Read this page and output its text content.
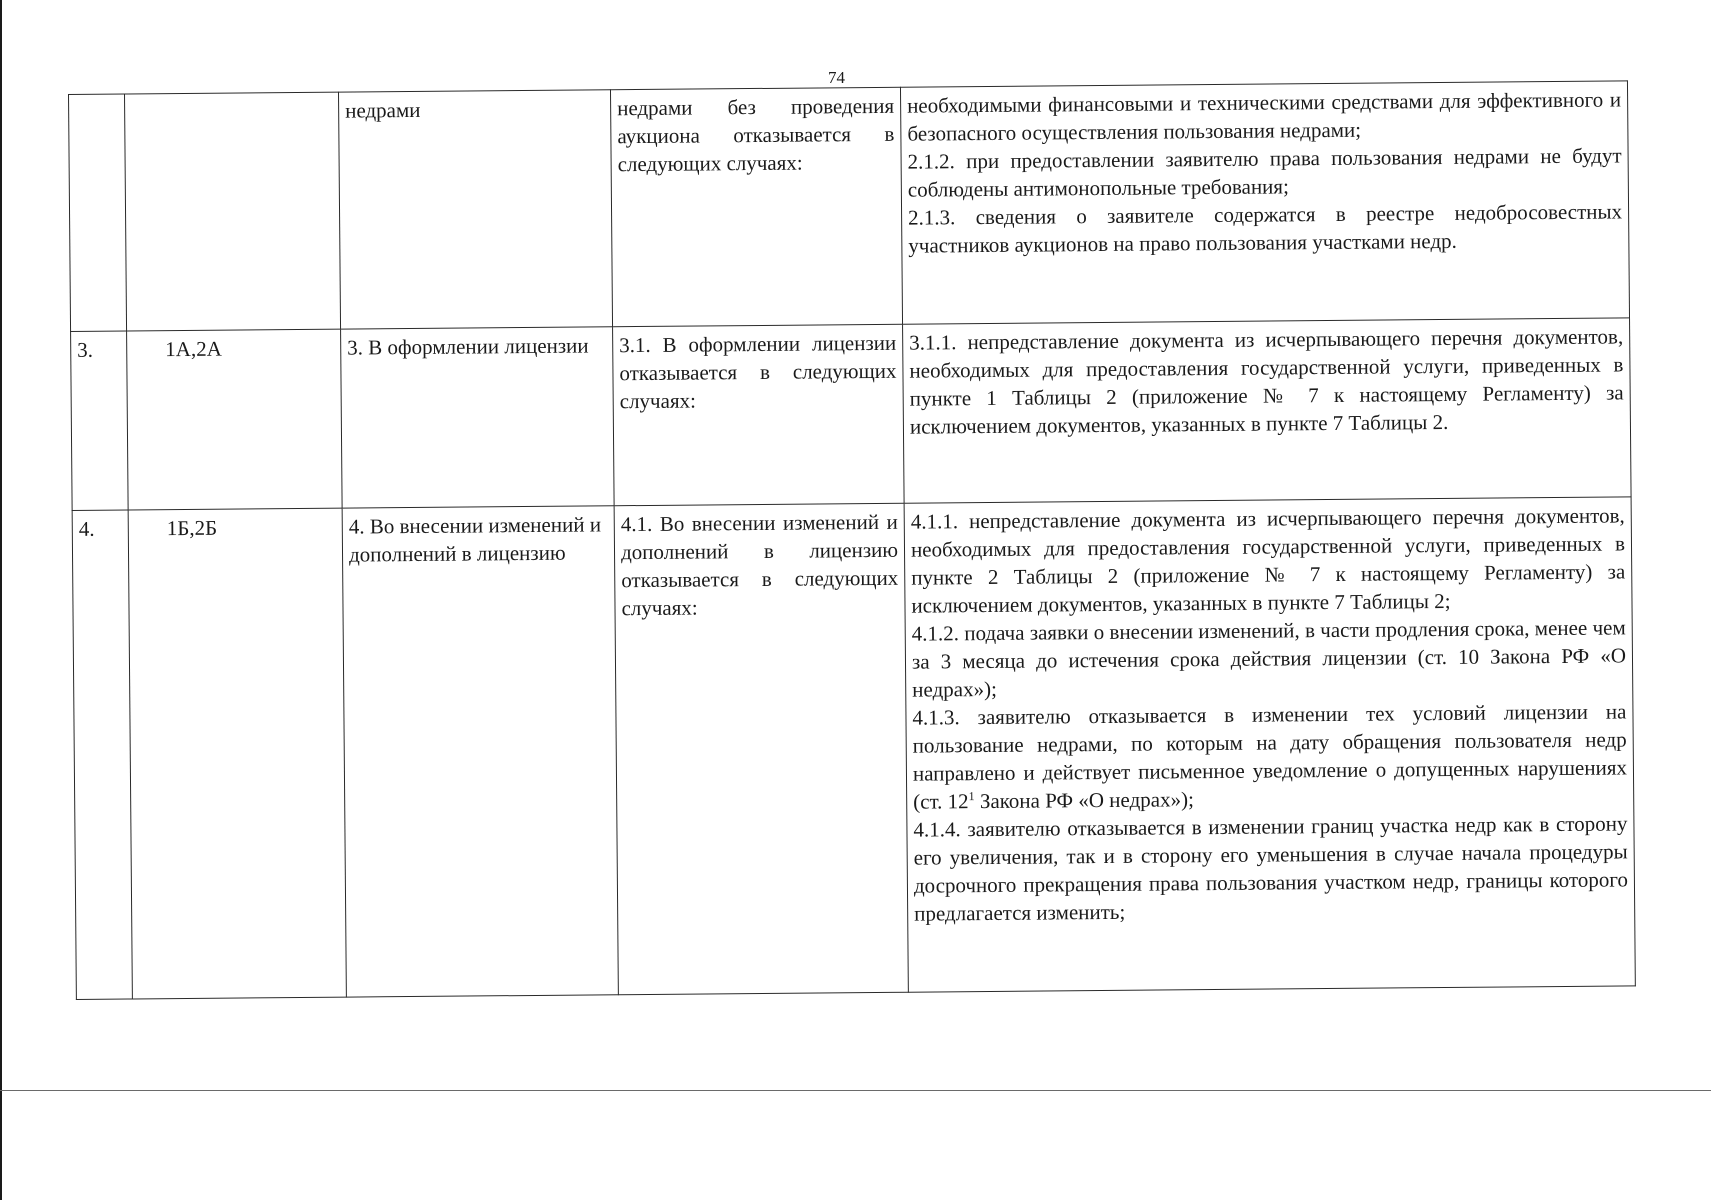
74
		недрами	недрами без проведения аукциона отказывается в следующих случаях:	необходимыми финансовыми и техническими средствами для эффективного и безопасного осуществления пользования недрами;
2.1.2. при предоставлении заявителю права пользования недрами не будут соблюдены антимонопольные требования;
2.1.3. сведения о заявителе содержатся в реестре недобросовестных участников аукционов на право пользования участками недр.

3.	1А,2А	3. В оформлении лицензии	3.1. В оформлении лицензии отказывается в следующих случаях:	3.1.1. непредставление документа из исчерпывающего перечня документов, необходимых для предоставления государственной услуги, приведенных в пункте 1 Таблицы 2 (приложение № 7 к настоящему Регламенту) за исключением документов, указанных в пункте 7 Таблицы 2.

4.	1Б,2Б	4. Во внесении изменений и дополнений в лицензию	4.1. Во внесении изменений и дополнений в лицензию отказывается в следующих случаях:	4.1.1. непредставление документа из исчерпывающего перечня документов, необходимых для предоставления государственной услуги, приведенных в пункте 2 Таблицы 2 (приложение № 7 к настоящему Регламенту) за исключением документов, указанных в пункте 7 Таблицы 2;
4.1.2. подача заявки о внесении изменений, в части продления срока, менее чем за 3 месяца до истечения срока действия лицензии (ст. 10 Закона РФ «О недрах»);
4.1.3. заявителю отказывается в изменении тех условий лицензии на пользование недрами, по которым на дату обращения пользователя недр направлено и действует письменное уведомление о допущенных нарушениях (ст. $12^1$ Закона РФ «О недрах»);
4.1.4. заявителю отказывается в изменении границ участка недр как в сторону его увеличения, так и в сторону его уменьшения в случае начала процедуры досрочного прекращения права пользования участком недр, границы которого предлагается изменить;
